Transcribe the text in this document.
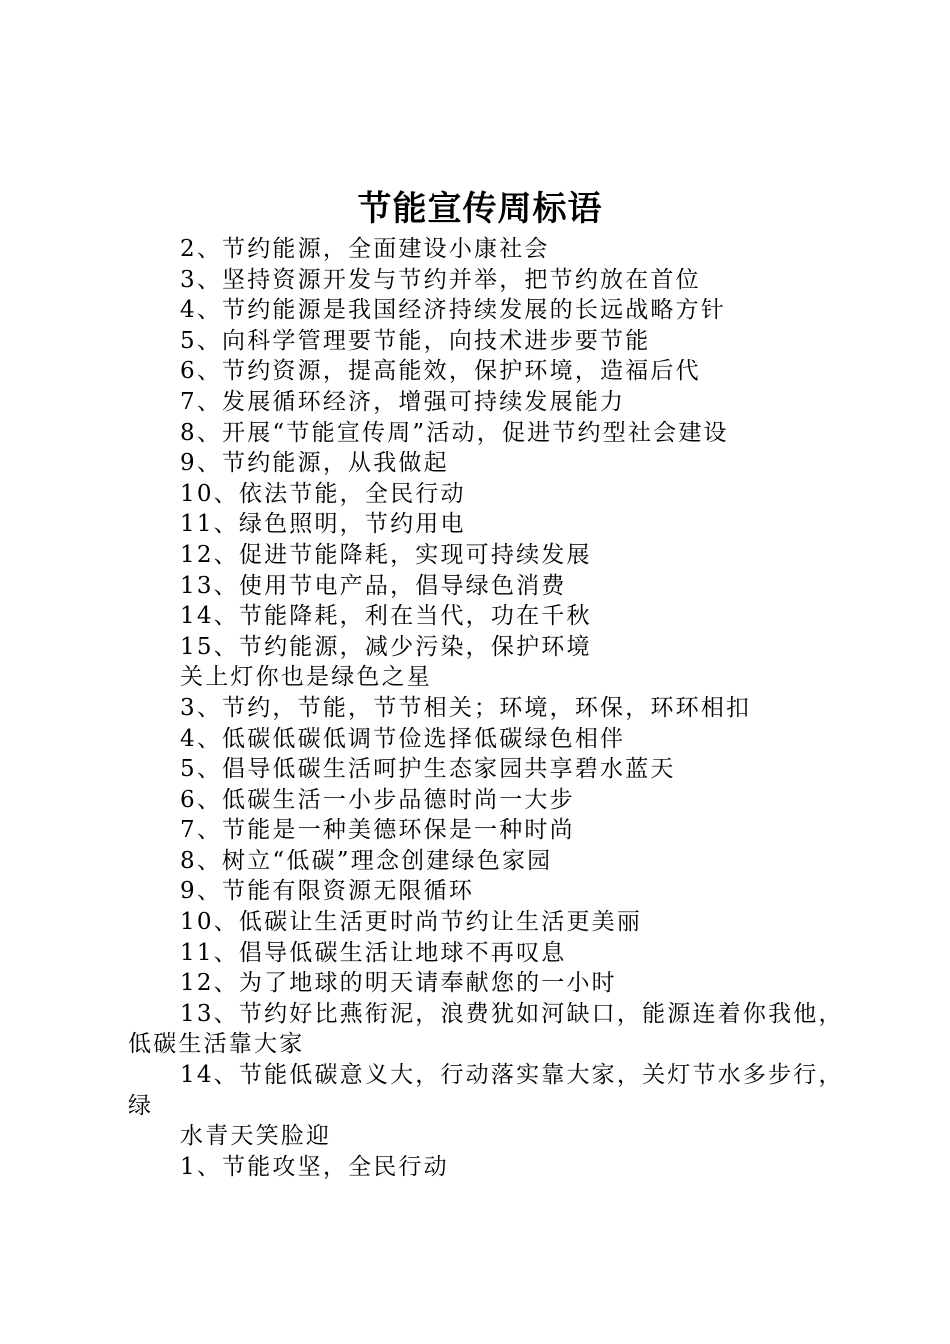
节能宣传周标语
2、节约能源，全面建设小康社会
3、坚持资源开发与节约并举，把节约放在首位
4、节约能源是我国经济持续发展的长远战略方针
5、向科学管理要节能，向技术进步要节能
6、节约资源，提高能效，保护环境，造福后代
7、发展循环经济，增强可持续发展能力
8、开展“节能宣传周”活动，促进节约型社会建设
9、节约能源，从我做起
10、依法节能，全民行动
11、绿色照明，节约用电
12、促进节能降耗，实现可持续发展
13、使用节电产品，倡导绿色消费
14、节能降耗，利在当代，功在千秋
15、节约能源，减少污染，保护环境
关上灯你也是绿色之星
3、节约，节能，节节相关；环境，环保，环环相扣
4、低碳低碳低调节俭选择低碳绿色相伴
5、倡导低碳生活呵护生态家园共享碧水蓝天
6、低碳生活一小步品德时尚一大步
7、节能是一种美德环保是一种时尚
8、树立“低碳”理念创建绿色家园
9、节能有限资源无限循环
10、低碳让生活更时尚节约让生活更美丽
11、倡导低碳生活让地球不再叹息
12、为了地球的明天请奉献您的一小时
13、节约好比燕衔泥，浪费犹如河缺口，能源连着你我他，
低碳生活靠大家
14、节能低碳意义大，行动落实靠大家，关灯节水多步行，
绿
水青天笑脸迎
1、节能攻坚，全民行动
